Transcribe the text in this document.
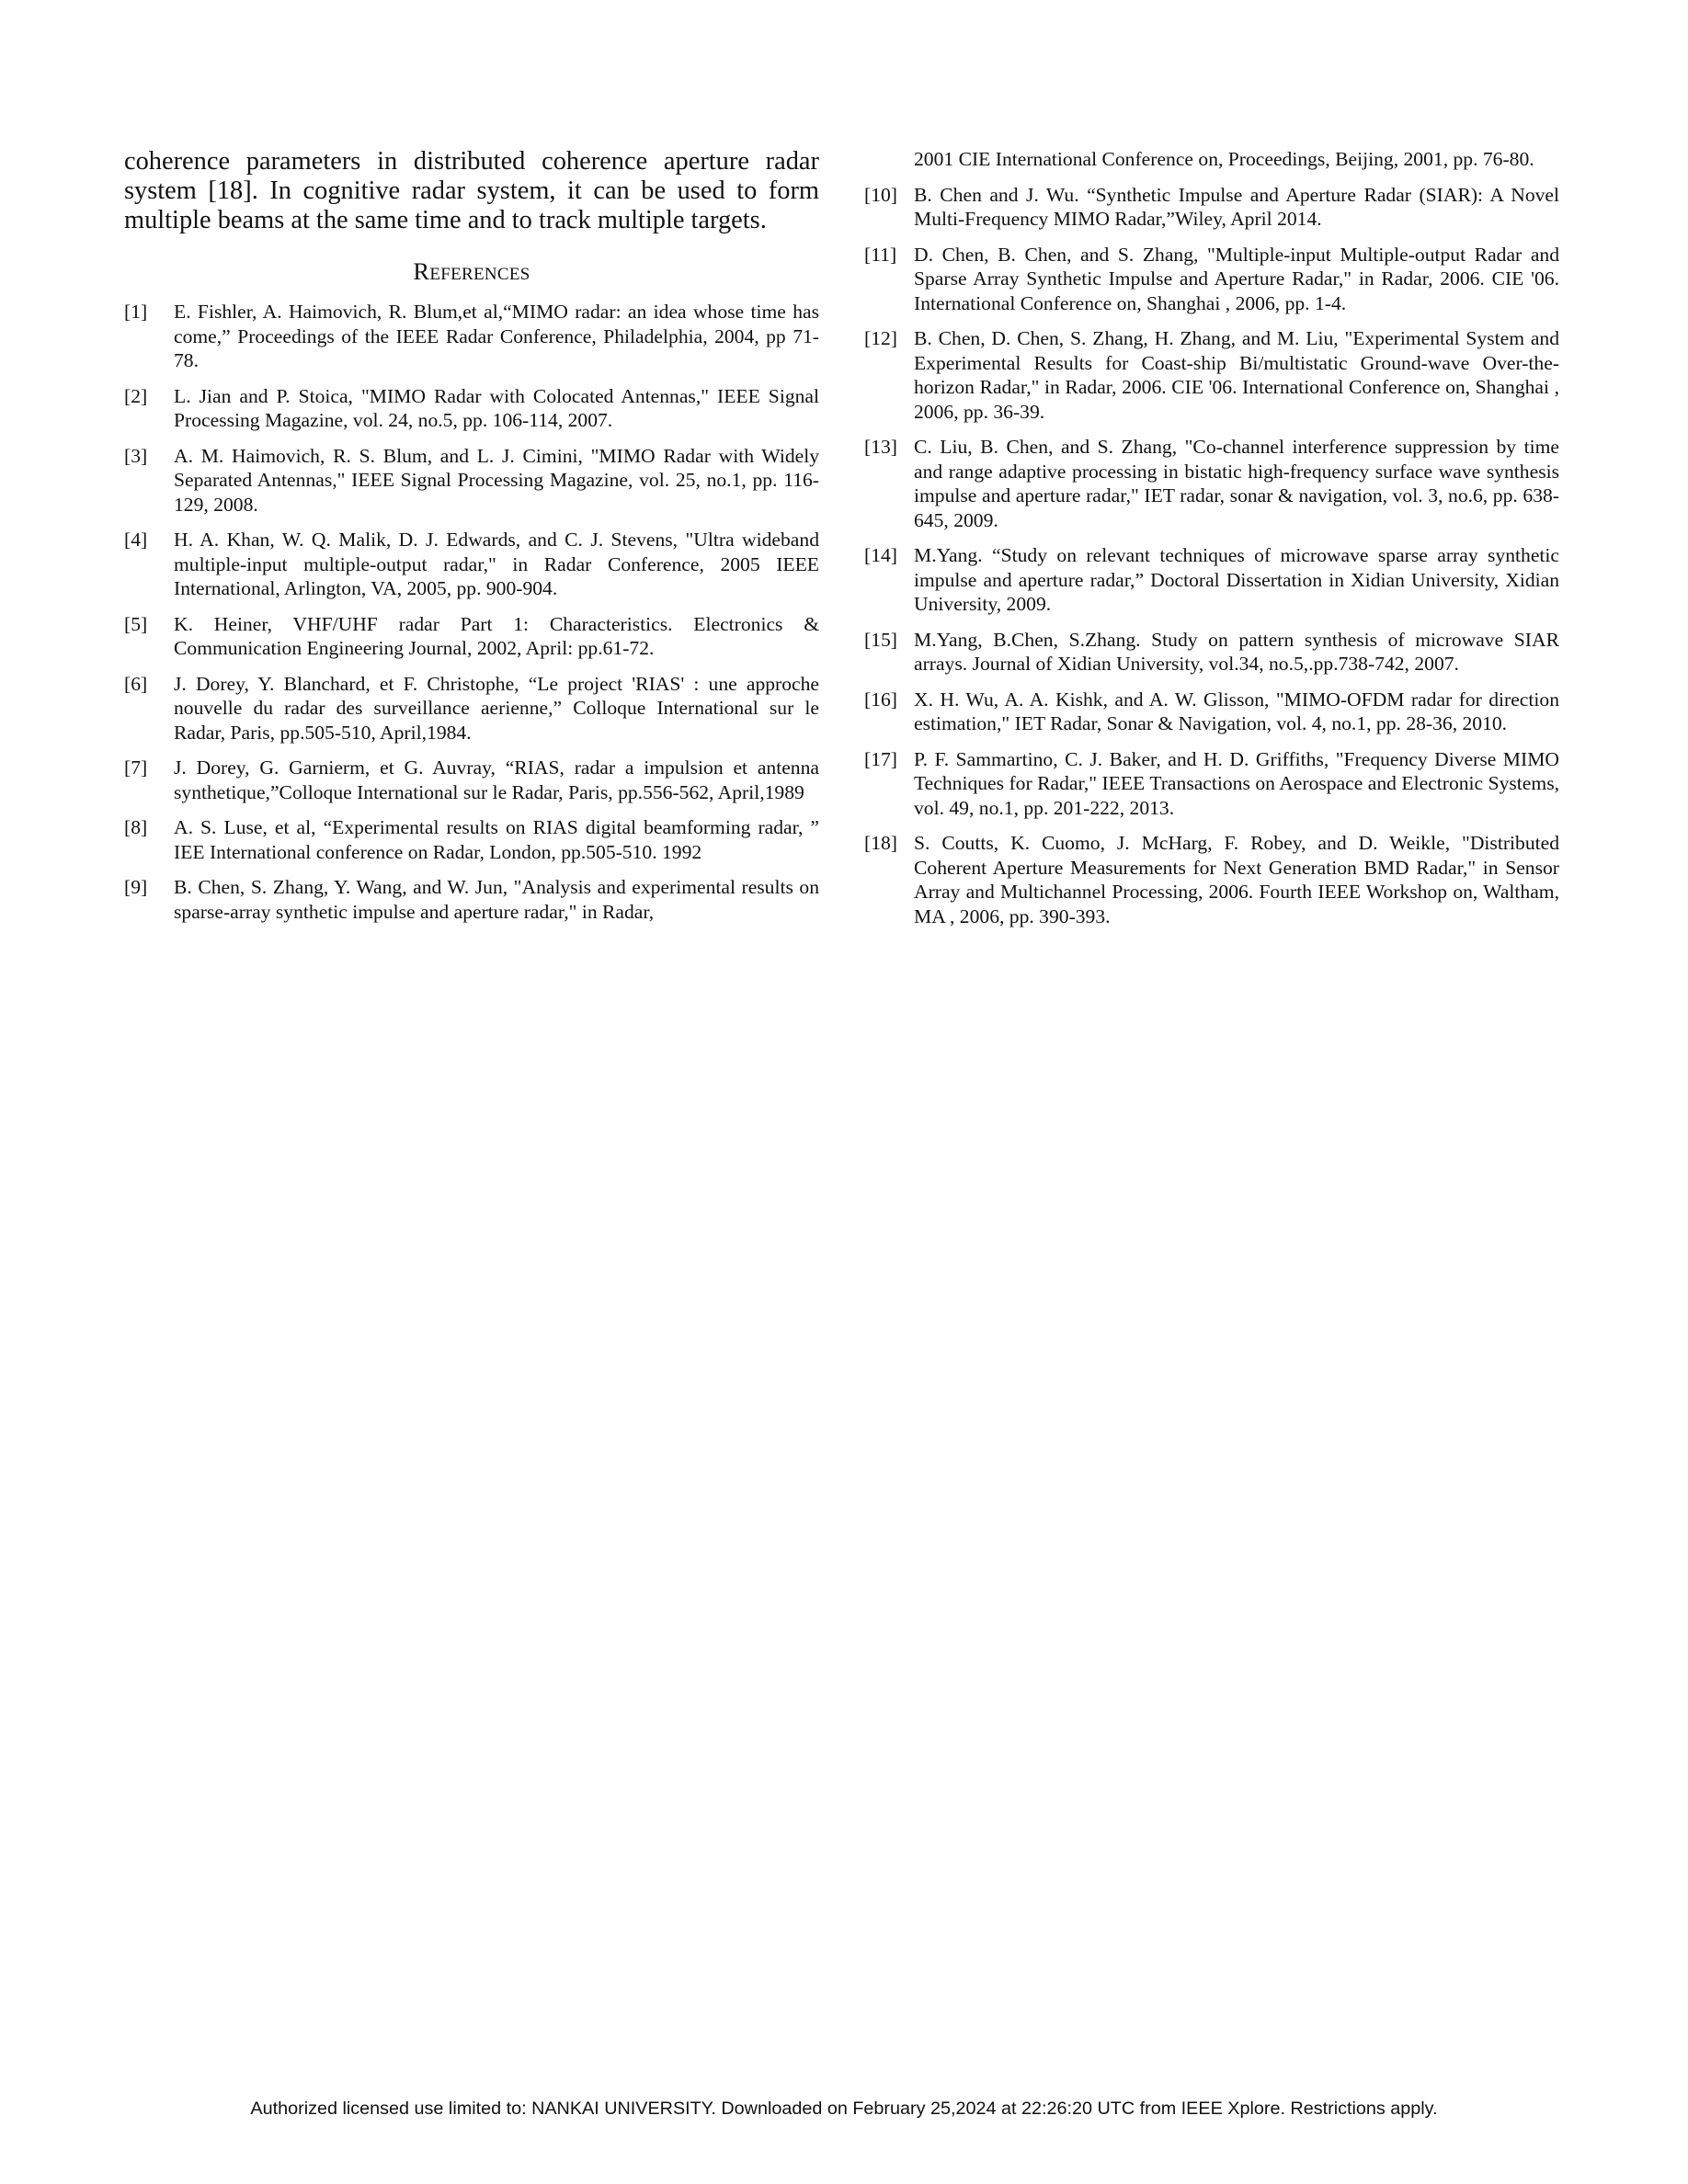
coherence parameters in distributed coherence aperture radar system [18]. In cognitive radar system, it can be used to form multiple beams at the same time and to track multiple targets.

References
[1]	E. Fishler, A. Haimovich, R. Blum,et al,“MIMO radar: an idea whose time has come,” Proceedings of the IEEE Radar Conference, Philadelphia, 2004, pp 71-78.
[2]	L. Jian and P. Stoica, "MIMO Radar with Colocated Antennas," IEEE Signal Processing Magazine, vol. 24, no.5, pp. 106-114, 2007.
[3]	A. M. Haimovich, R. S. Blum, and L. J. Cimini, "MIMO Radar with Widely Separated Antennas," IEEE Signal Processing Magazine, vol. 25, no.1, pp. 116-129, 2008.
[4]	H. A. Khan, W. Q. Malik, D. J. Edwards, and C. J. Stevens, "Ultra wideband multiple-input multiple-output radar," in Radar Conference, 2005 IEEE International, Arlington, VA, 2005, pp. 900-904.
[5]	K. Heiner, VHF/UHF radar Part 1: Characteristics. Electronics & Communication Engineering Journal, 2002, April: pp.61-72.
[6]	J. Dorey, Y. Blanchard, et F. Christophe, “Le project 'RIAS' : une approche nouvelle du radar des surveillance aerienne,” Colloque International sur le Radar, Paris, pp.505-510, April,1984.
[7]	J. Dorey, G. Garnierm, et G. Auvray, “RIAS, radar a impulsion et antenna synthetique,”Colloque International sur le Radar, Paris, pp.556-562, April,1989
[8]	A. S. Luse, et al, “Experimental results on RIAS digital beamforming radar, ” IEE International conference on Radar, London, pp.505-510. 1992
[9]	B. Chen, S. Zhang, Y. Wang, and W. Jun, "Analysis and experimental results on sparse-array synthetic impulse and aperture radar," in Radar,
2001 CIE International Conference on, Proceedings, Beijing, 2001, pp. 76-80.
[10] B. Chen and J. Wu. “Synthetic Impulse and Aperture Radar (SIAR): A Novel Multi-Frequency MIMO Radar,”Wiley, April 2014.
[11] D. Chen, B. Chen, and S. Zhang, "Multiple-input Multiple-output Radar and Sparse Array Synthetic Impulse and Aperture Radar," in Radar, 2006. CIE '06. International Conference on, Shanghai , 2006, pp. 1-4.
[12] B. Chen, D. Chen, S. Zhang, H. Zhang, and M. Liu, "Experimental System and Experimental Results for Coast-ship Bi/multistatic Ground-wave Over-the-horizon Radar," in Radar, 2006. CIE '06. International Conference on, Shanghai , 2006, pp. 36-39.
[13] C. Liu, B. Chen, and S. Zhang, "Co-channel interference suppression by time and range adaptive processing in bistatic high-frequency surface wave synthesis impulse and aperture radar," IET radar, sonar & navigation, vol. 3, no.6, pp. 638-645, 2009.
[14] M.Yang. “Study on relevant techniques of microwave sparse array synthetic impulse and aperture radar,” Doctoral Dissertation in Xidian University, Xidian University, 2009.
[15] M.Yang, B.Chen, S.Zhang. Study on pattern synthesis of microwave SIAR arrays. Journal of Xidian University, vol.34, no.5,.pp.738-742, 2007.
[16] X. H. Wu, A. A. Kishk, and A. W. Glisson, "MIMO-OFDM radar for direction estimation," IET Radar, Sonar & Navigation, vol. 4, no.1, pp. 28-36, 2010.
[17] P. F. Sammartino, C. J. Baker, and H. D. Griffiths, "Frequency Diverse MIMO Techniques for Radar," IEEE Transactions on Aerospace and Electronic Systems, vol. 49, no.1, pp. 201-222, 2013.
[18] S. Coutts, K. Cuomo, J. McHarg, F. Robey, and D. Weikle, "Distributed Coherent Aperture Measurements for Next Generation BMD Radar," in Sensor Array and Multichannel Processing, 2006. Fourth IEEE Workshop on, Waltham, MA , 2006, pp. 390-393.
Authorized licensed use limited to: NANKAI UNIVERSITY. Downloaded on February 25,2024 at 22:26:20 UTC from IEEE Xplore. Restrictions apply.
